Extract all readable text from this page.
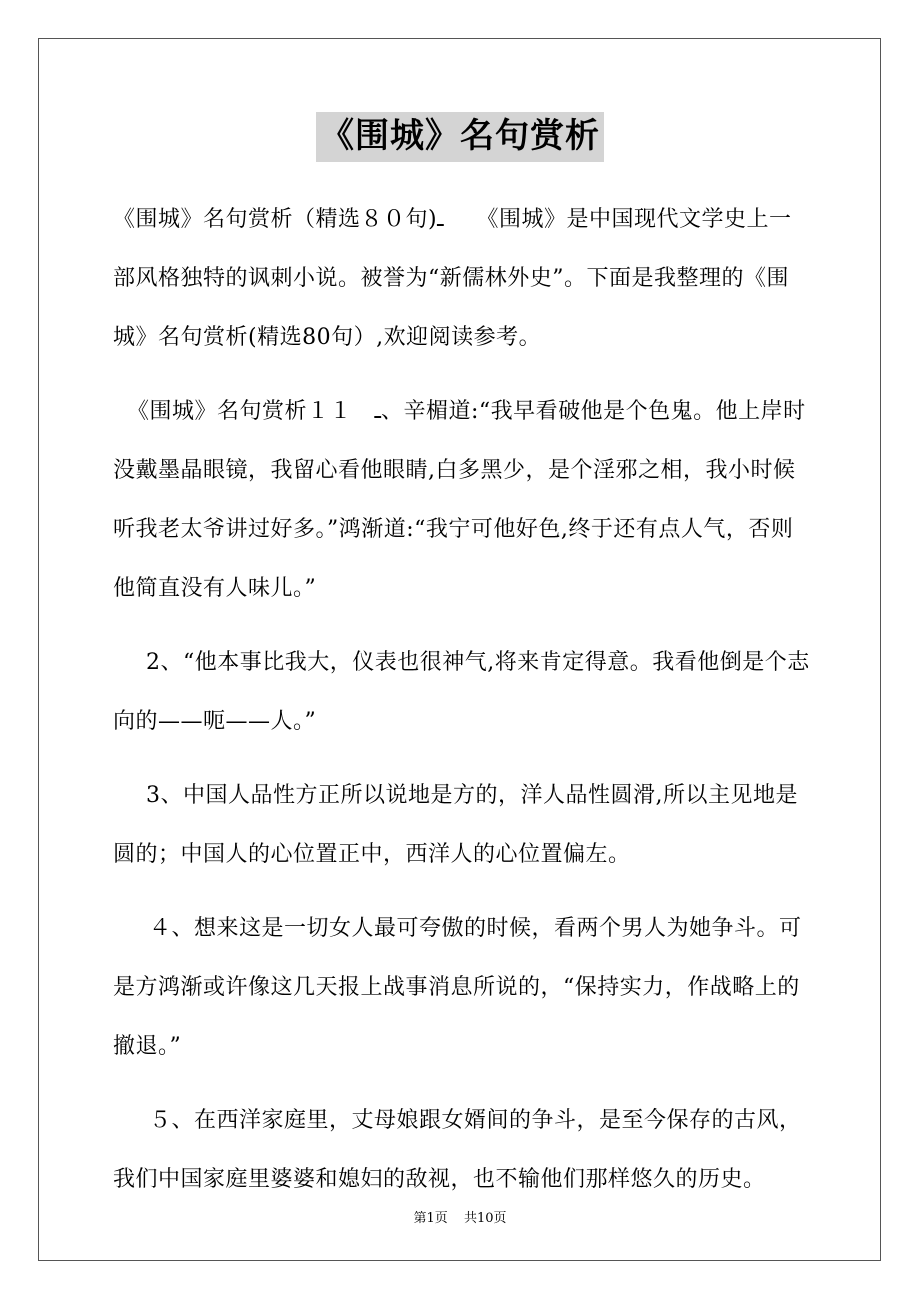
《围城》名句赏析

《围城》名句赏析（精选８０句)ـ　　《围城》是中国现代文学史上一部风格独特的讽刺小说。被誉为“新儒林外史”。下面是我整理的《围城》名句赏析(精选80句）,欢迎阅读参考。

《围城》名句赏析１１　ـ、辛楣道:“我早看破他是个色鬼。他上岸时没戴墨晶眼镜，我留心看他眼睛,白多黑少，是个淫邪之相，我小时候听我老太爷讲过好多。”鸿渐道:“我宁可他好色,终于还有点人气，否则他简直没有人味儿。”

2、“他本事比我大，仪表也很神气,将来肯定得意。我看他倒是个志向的——呃——人。”

3、中国人品性方正所以说地是方的，洋人品性圆滑,所以主见地是圆的；中国人的心位置正中，西洋人的心位置偏左。

４、想来这是一切女人最可夸傲的时候，看两个男人为她争斗。可是方鸿渐或许像这几天报上战事消息所说的，“保持实力，作战略上的撤退。”

５、在西洋家庭里，丈母娘跟女婿间的争斗，是至今保存的古风，我们中国家庭里婆婆和媳妇的敌视，也不输他们那样悠久的历史。

第1页 共10页
